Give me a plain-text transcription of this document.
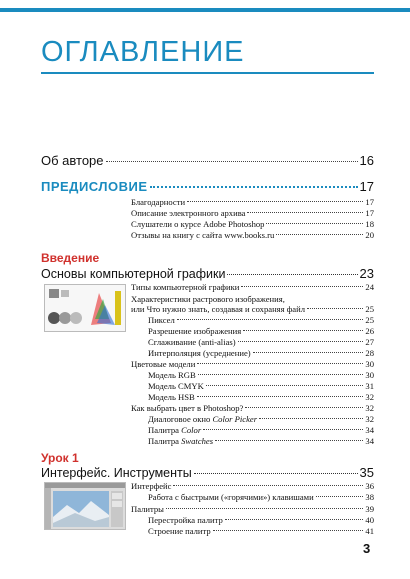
ОГЛАВЛЕНИЕ
Об авторе	16
ПРЕДИСЛОВИЕ	17
Благодарности	17
Описание электронного архива	17
Слушатели о курсе Adobe Photoshop	18
Отзывы на книгу с сайта www.books.ru	20
Введение
Основы компьютерной графики	23
Типы компьютерной графики	24
Характеристики растрового изображения,
или Что нужно знать, создавая и сохраняя файл	25
Пиксел	25
Разрешение изображения	26
Сглаживание (anti-alias)	27
Интерполяция (усреднение)	28
Цветовые модели	30
Модель RGB	30
Модель CMYK	31
Модель HSB	32
Как выбрать цвет в Photoshop?	32
Диалоговое окно Color Picker	32
Палитра Color	34
Палитра Swatches	34
Урок 1
Интерфейс. Инструменты	35
Интерфейс	36
Работа с быстрыми («горячими») клавишами	38
Палитры	39
Перестройка палитр	40
Строение палитр	41
3
